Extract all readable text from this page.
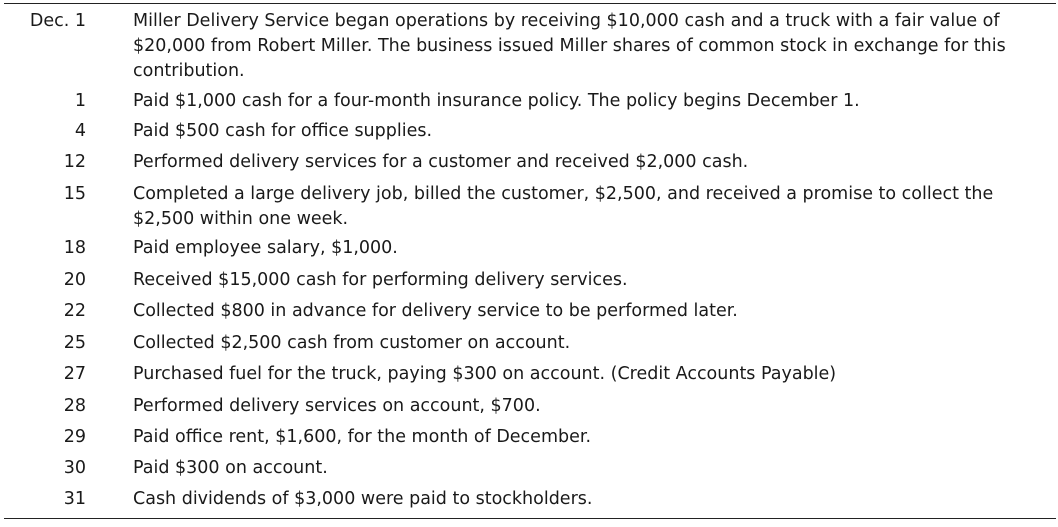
Dec. 1	Miller Delivery Service began operations by receiving $10,000 cash and a truck with a fair value of $20,000 from Robert Miller. The business issued Miller shares of common stock in exchange for this contribution.
1	Paid $1,000 cash for a four-month insurance policy. The policy begins December 1.
4	Paid $500 cash for office supplies.
12	Performed delivery services for a customer and received $2,000 cash.
15	Completed a large delivery job, billed the customer, $2,500, and received a promise to collect the $2,500 within one week.
18	Paid employee salary, $1,000.
20	Received $15,000 cash for performing delivery services.
22	Collected $800 in advance for delivery service to be performed later.
25	Collected $2,500 cash from customer on account.
27	Purchased fuel for the truck, paying $300 on account. (Credit Accounts Payable)
28	Performed delivery services on account, $700.
29	Paid office rent, $1,600, for the month of December.
30	Paid $300 on account.
31	Cash dividends of $3,000 were paid to stockholders.
